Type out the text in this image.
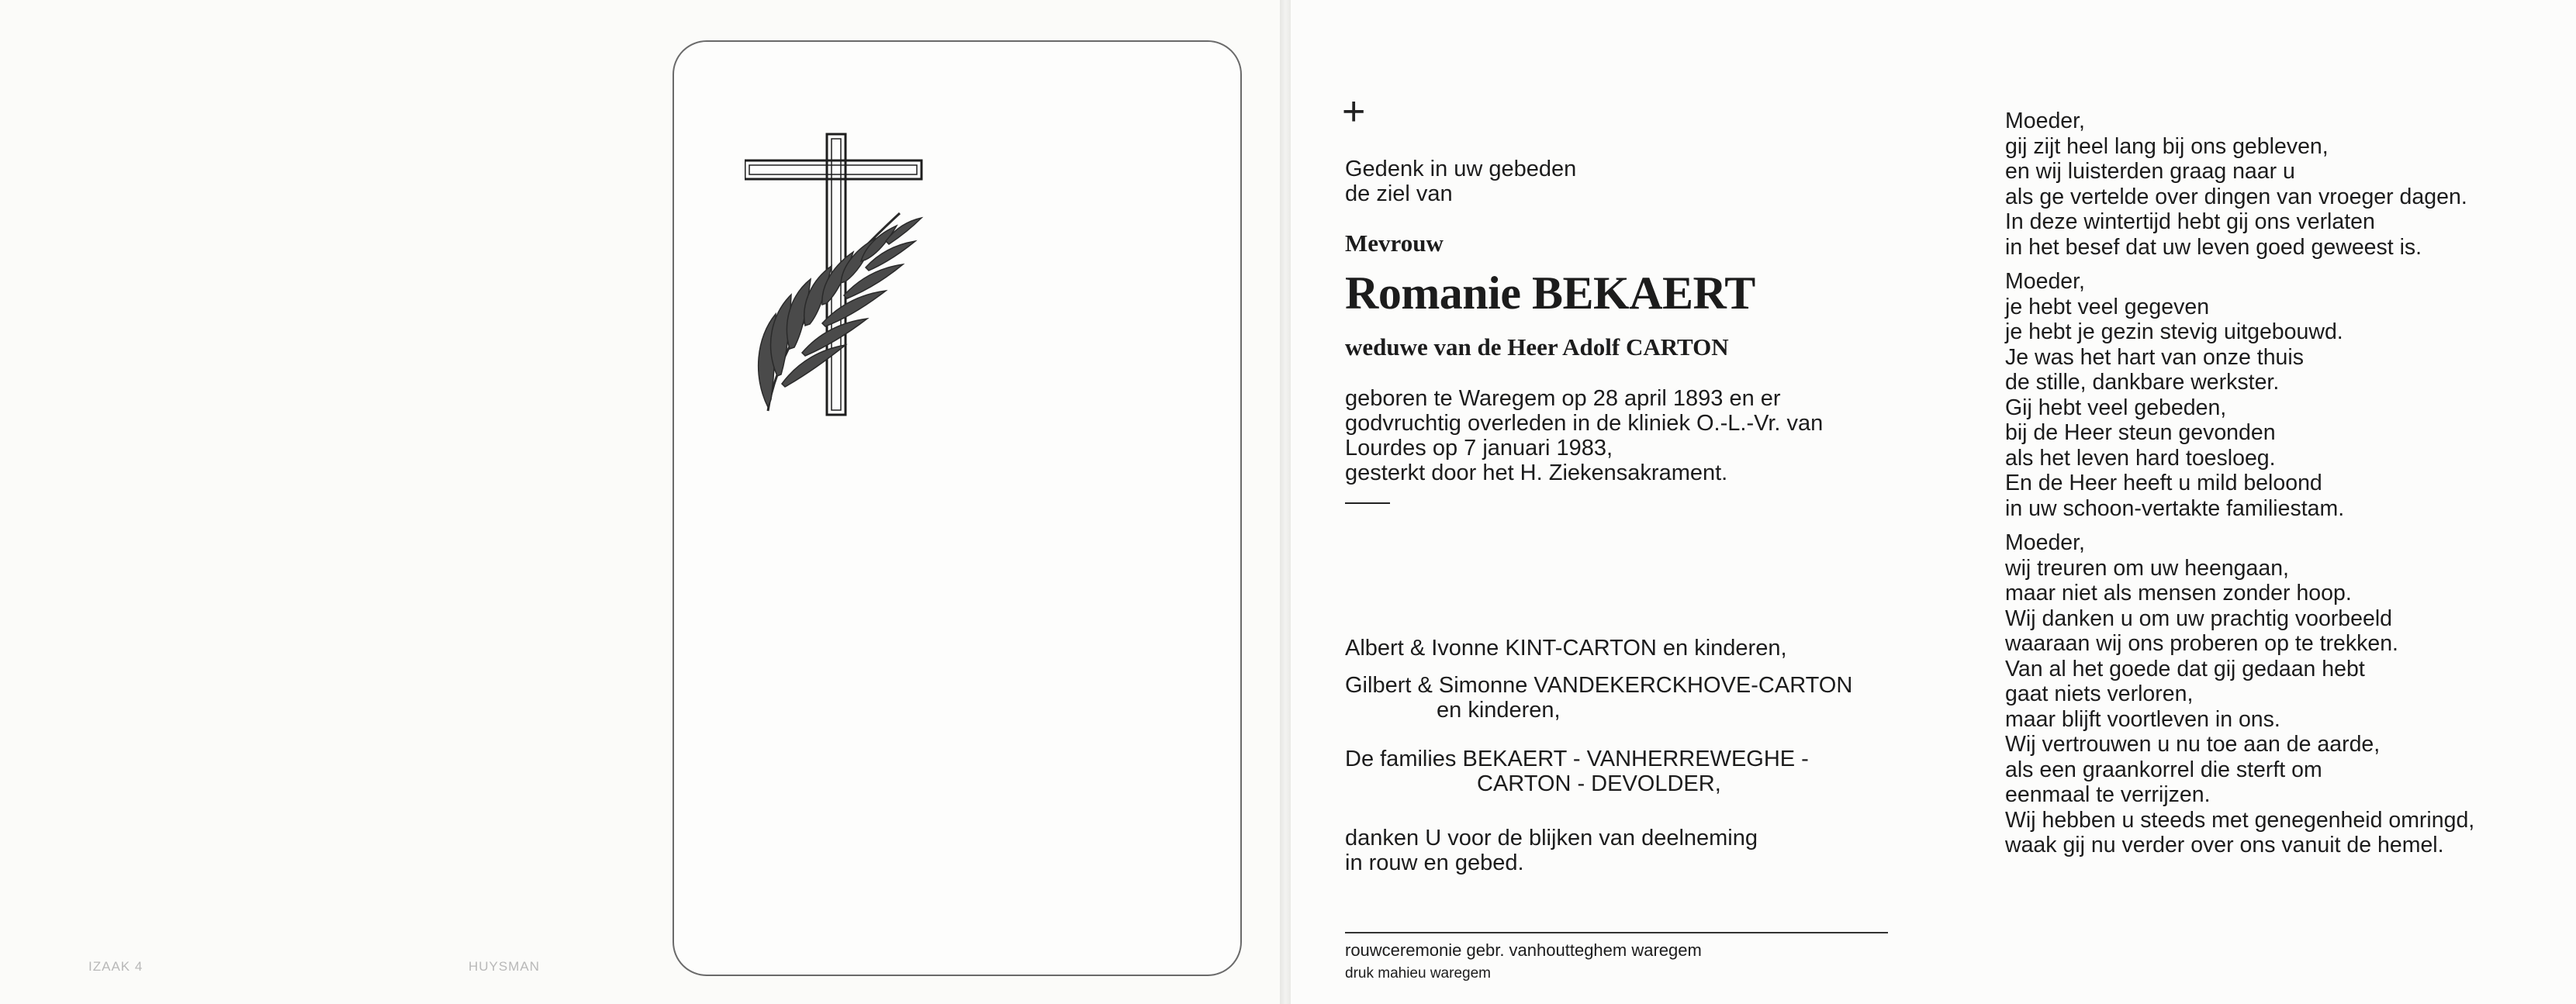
IZAAK 4	HUYSMAN
+
Gedenk in uw gebeden
de ziel van
Mevrouw
Romanie BEKAERT
weduwe van de Heer Adolf CARTON
geboren te Waregem op 28 april 1893 en er
godvruchtig overleden in de kliniek O.-L.-Vr. van
Lourdes op 7 januari 1983,
gesterkt door het H. Ziekensakrament.
Albert & Ivonne KINT-CARTON en kinderen,
Gilbert & Simonne VANDEKERCKHOVE-CARTON
en kinderen,
De families BEKAERT - VANHERREWEGHE -
CARTON - DEVOLDER,
danken U voor de blijken van deelneming
in rouw en gebed.
rouwceremonie gebr. vanhoutteghem waregem
druk mahieu waregem
Moeder,
gij zijt heel lang bij ons gebleven,
en wij luisterden graag naar u
als ge vertelde over dingen van vroeger dagen.
In deze wintertijd hebt gij ons verlaten
in het besef dat uw leven goed geweest is.
Moeder,
je hebt veel gegeven
je hebt je gezin stevig uitgebouwd.
Je was het hart van onze thuis
de stille, dankbare werkster.
Gij hebt veel gebeden,
bij de Heer steun gevonden
als het leven hard toesloeg.
En de Heer heeft u mild beloond
in uw schoon-vertakte familiestam.
Moeder,
wij treuren om uw heengaan,
maar niet als mensen zonder hoop.
Wij danken u om uw prachtig voorbeeld
waaraan wij ons proberen op te trekken.
Van al het goede dat gij gedaan hebt
gaat niets verloren,
maar blijft voortleven in ons.
Wij vertrouwen u nu toe aan de aarde,
als een graankorrel die sterft om
eenmaal te verrijzen.
Wij hebben u steeds met genegenheid omringd,
waak gij nu verder over ons vanuit de hemel.
